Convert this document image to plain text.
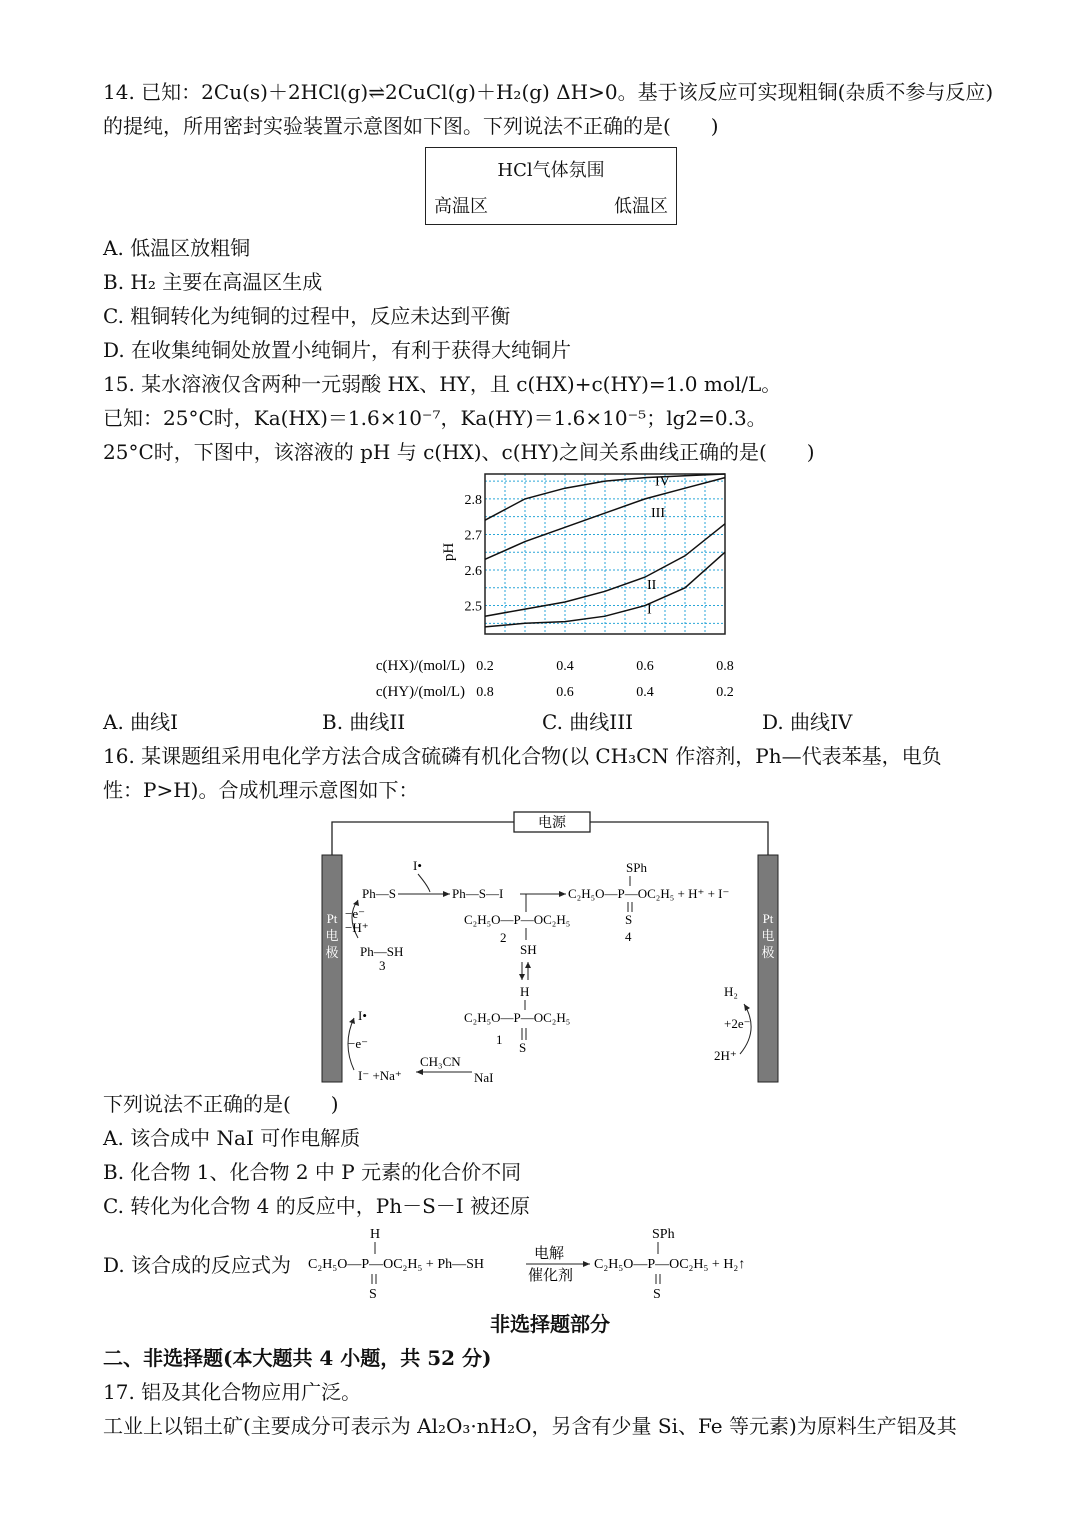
14. 已知：2Cu(s)＋2HCl(g)⇌2CuCl(g)＋H₂(g) ΔH>0。基于该反应可实现粗铜(杂质不参与反应)
的提纯，所用密封实验装置示意图如下图。下列说法不正确的是(　　)
HCl气体氛围
高温区	低温区
A. 低温区放粗铜
B. H₂ 主要在高温区生成
C. 粗铜转化为纯铜的过程中，反应未达到平衡
D. 在收集纯铜处放置小纯铜片，有利于获得大纯铜片
15. 某水溶液仅含两种一元弱酸 HX、HY，且 c(HX)+c(HY)=1.0 mol/L。
已知：25°C时，Ka(HX)＝1.6×10⁻⁷，Ka(HY)＝1.6×10⁻⁵；lg2=0.3。
25°C时，下图中，该溶液的 pH 与 c(HX)、c(HY)之间关系曲线正确的是(　　)
pH
IV
III
II
I
2.8
2.7
2.6
2.5
c(HX)/(mol/L)
c(HY)/(mol/L)
0.2	0.4	0.6	0.8
0.8	0.6	0.4	0.2
A. 曲线I	B. 曲线II	C. 曲线III	D. 曲线IV
16. 某课题组采用电化学方法合成含硫磷有机化合物(以 CH₃CN 作溶剂，Ph—代表苯基，电负
性：P>H)。合成机理示意图如下：
电源
Pt 电极
Pt 电极
I•
Ph—S	Ph—S—I	C₂H₅O—P—OC₂H₅ + H⁺ + I⁻
SPh
S
4
−e⁻
−H⁺
Ph—SH
3
C₂H₅O—P—OC₂H₅
2
SH
H
C₂H₅O—P—OC₂H₅
S
1
I•
−e⁻
I⁻ +Na⁺
CH₃CN
NaI
H₂
+2e⁻
2H⁺
下列说法不正确的是(　　)
A. 该合成中 NaI 可作电解质
B. 化合物 1、化合物 2 中 P 元素的化合价不同
C. 转化为化合物 4 的反应中，Ph－S－I 被还原
D. 该合成的反应式为
H
C₂H₅O—P—OC₂H₅ + Ph—SH
S
电解
催化剂
SPh
C₂H₅O—P—OC₂H₅ + H₂↑
S
非选择题部分
二、非选择题(本大题共 4 小题，共 52 分)
17. 铝及其化合物应用广泛。
工业上以铝土矿(主要成分可表示为 Al₂O₃·nH₂O，另含有少量 Si、Fe 等元素)为原料生产铝及其
